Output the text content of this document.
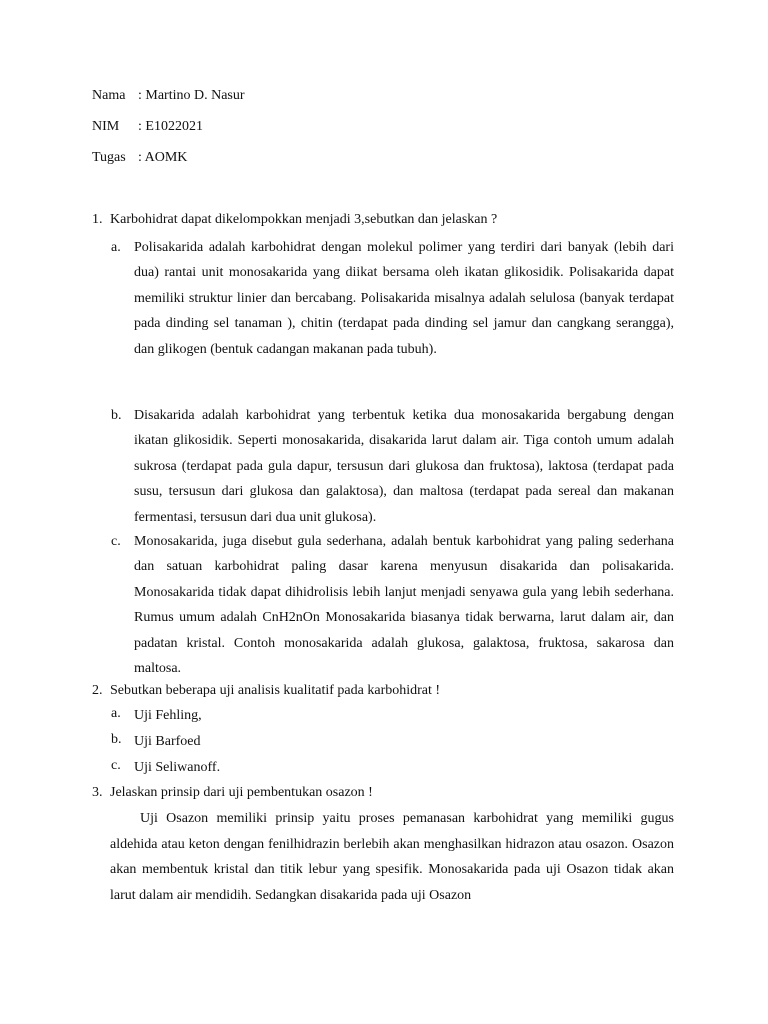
Nama : Martino D. Nasur
NIM : E1022021
Tugas : AOMK
1. Karbohidrat dapat dikelompokkan menjadi 3,sebutkan dan jelaskan ?
a. Polisakarida adalah karbohidrat dengan molekul polimer yang terdiri dari banyak (lebih dari dua) rantai unit monosakarida yang diikat bersama oleh ikatan glikosidik. Polisakarida dapat memiliki struktur linier dan bercabang. Polisakarida misalnya adalah selulosa (banyak terdapat pada dinding sel tanaman ), chitin (terdapat pada dinding sel jamur dan cangkang serangga), dan glikogen (bentuk cadangan makanan pada tubuh).
b. Disakarida adalah karbohidrat yang terbentuk ketika dua monosakarida bergabung dengan ikatan glikosidik. Seperti monosakarida, disakarida larut dalam air. Tiga contoh umum adalah sukrosa (terdapat pada gula dapur, tersusun dari glukosa dan fruktosa), laktosa (terdapat pada susu, tersusun dari glukosa dan galaktosa), dan maltosa (terdapat pada sereal dan makanan fermentasi, tersusun dari dua unit glukosa).
c. Monosakarida, juga disebut gula sederhana, adalah bentuk karbohidrat yang paling sederhana dan satuan karbohidrat paling dasar karena menyusun disakarida dan polisakarida. Monosakarida tidak dapat dihidrolisis lebih lanjut menjadi senyawa gula yang lebih sederhana. Rumus umum adalah CnH2nOn Monosakarida biasanya tidak berwarna, larut dalam air, dan padatan kristal. Contoh monosakarida adalah glukosa, galaktosa, fruktosa, sakarosa dan maltosa.
2. Sebutkan beberapa uji analisis kualitatif pada karbohidrat !
a. Uji Fehling,
b. Uji Barfoed
c. Uji Seliwanoff.
3. Jelaskan prinsip dari uji pembentukan osazon !
Uji Osazon memiliki prinsip yaitu proses pemanasan karbohidrat yang memiliki gugus aldehida atau keton dengan fenilhidrazin berlebih akan menghasilkan hidrazon atau osazon. Osazon akan membentuk kristal dan titik lebur yang spesifik. Monosakarida pada uji Osazon tidak akan larut dalam air mendidih. Sedangkan disakarida pada uji Osazon
